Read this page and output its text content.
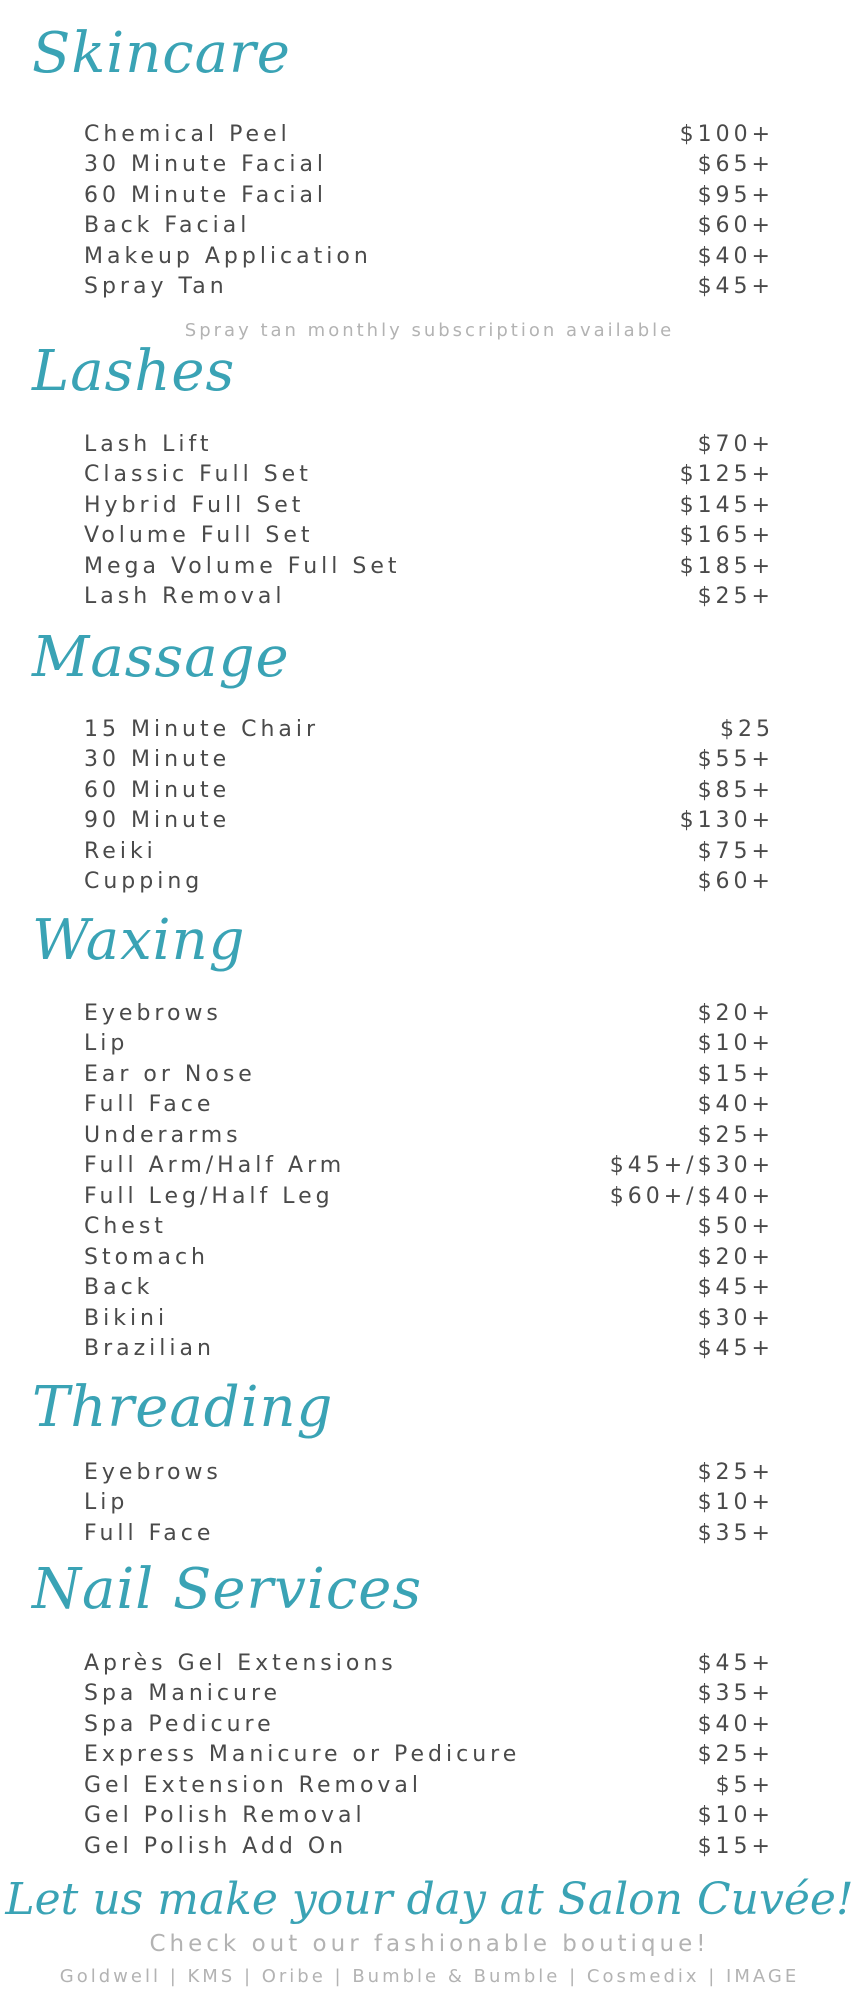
Skincare
Chemical Peel	$100+
30 Minute Facial	$65+
60 Minute Facial	$95+
Back Facial	$60+
Makeup Application	$40+
Spray Tan	$45+
Spray tan monthly subscription available
Lashes
Lash Lift	$70+
Classic Full Set	$125+
Hybrid Full Set	$145+
Volume Full Set	$165+
Mega Volume Full Set	$185+
Lash Removal	$25+
Massage
15 Minute Chair	$25
30 Minute	$55+
60 Minute	$85+
90 Minute	$130+
Reiki	$75+
Cupping	$60+
Waxing
Eyebrows	$20+
Lip	$10+
Ear or Nose	$15+
Full Face	$40+
Underarms	$25+
Full Arm/Half Arm	$45+/$30+
Full Leg/Half Leg	$60+/$40+
Chest	$50+
Stomach	$20+
Back	$45+
Bikini	$30+
Brazilian	$45+
Threading
Eyebrows	$25+
Lip	$10+
Full Face	$35+
Nail Services
Après Gel Extensions	$45+
Spa Manicure	$35+
Spa Pedicure	$40+
Express Manicure or Pedicure	$25+
Gel Extension Removal	$5+
Gel Polish Removal	$10+
Gel Polish Add On	$15+
Let us make your day at Salon Cuvée!
Check out our fashionable boutique!
Goldwell | KMS | Oribe | Bumble & Bumble | Cosmedix | IMAGE
